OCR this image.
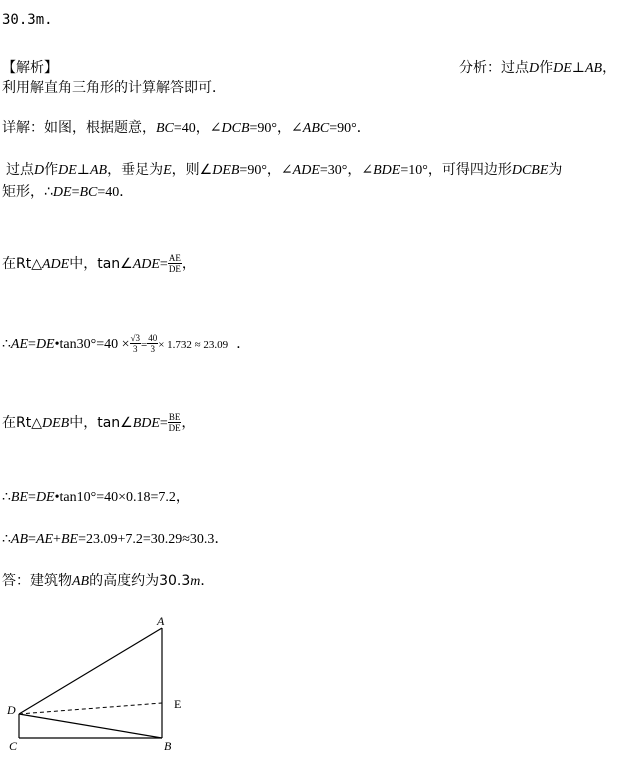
30.3m.
【解析】	分析：过点D作DE⊥AB，
利用解直角三角形的计算解答即可．
详解：如图，根据题意，BC=40，∠DCB=90°，∠ABC=90°．
过点D作DE⊥AB，垂足为E，则∠DEB=90°，∠ADE=30°，∠BDE=10°，可得四边形DCBE为
矩形，∴DE=BC=40．
在Rt△ADE中，tan∠ADE= $\frac{AE}{DE}$ ，
∴AE=DE•tan30°=40 × $\frac{√3}{3} = \frac{40}{3} \times 1.732 \approx 23.09$ ．
在Rt△DEB中，tan∠BDE= $\frac{BE}{DE}$ ，
∴BE=DE•tan10°=40×0.18=7.2，
∴AB=AE+BE=23.09+7.2=30.29≈30.3．
答：建筑物AB的高度约为30.3m．
A
B
C
D	E
